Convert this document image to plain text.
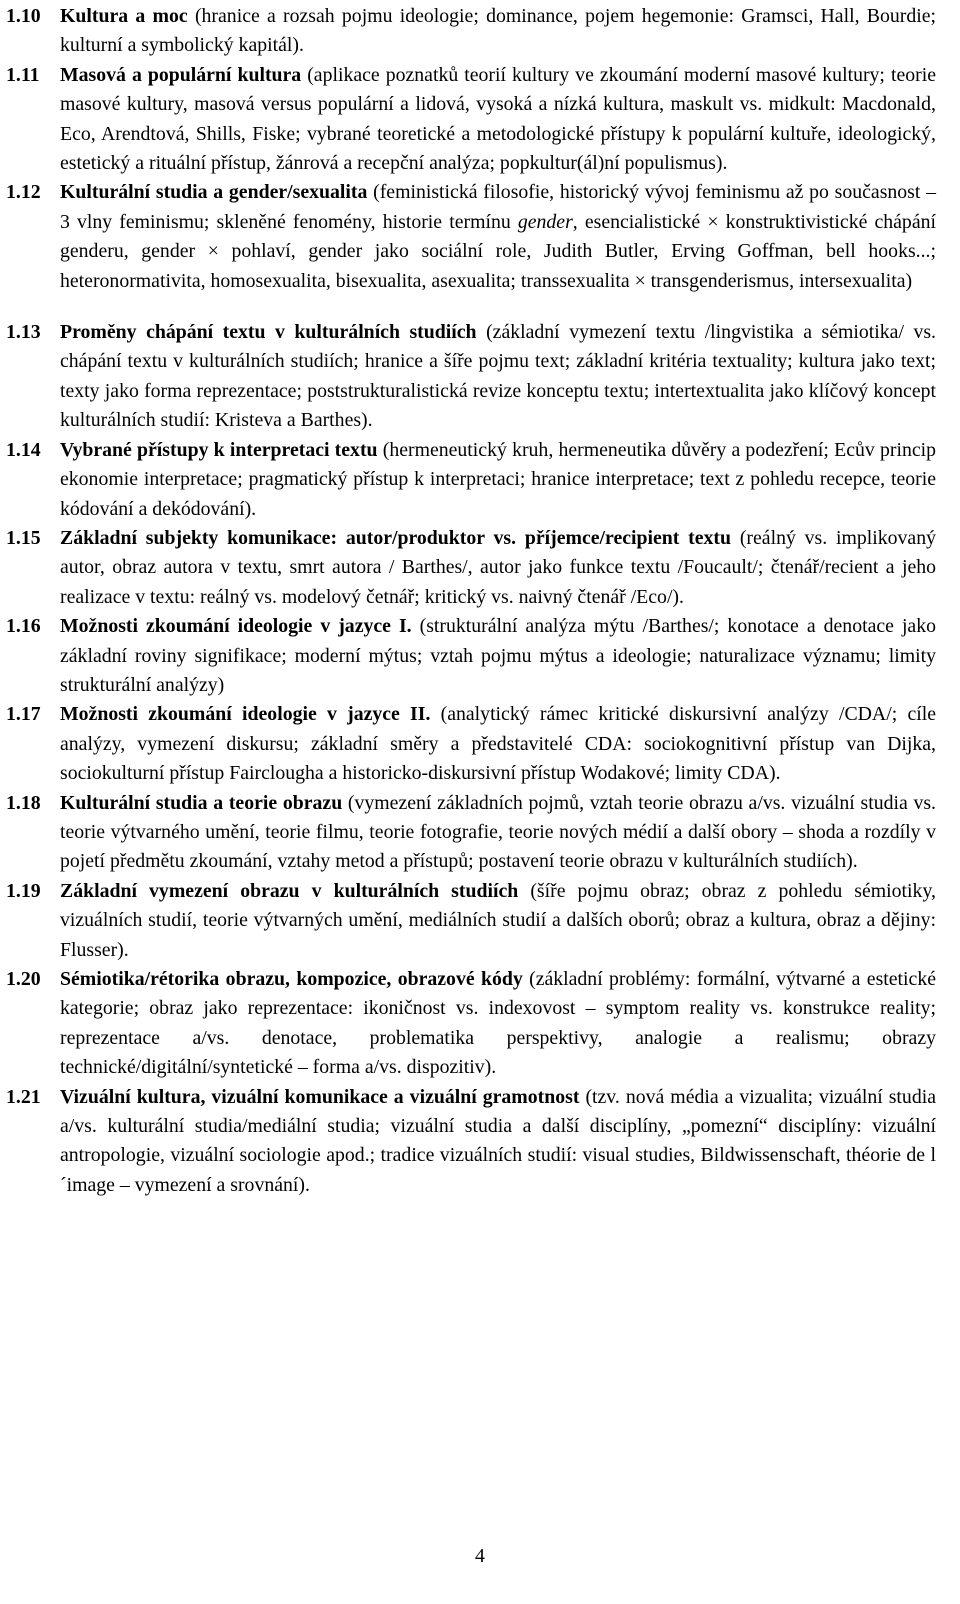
1.10 Kultura a moc (hranice a rozsah pojmu ideologie; dominance, pojem hegemonie: Gramsci, Hall, Bourdie; kulturní a symbolický kapitál).
1.11 Masová a populární kultura (aplikace poznatků teorií kultury ve zkoumání moderní masové kultury; teorie masové kultury, masová versus populární a lidová, vysoká a nízká kultura, maskult vs. midkult: Macdonald, Eco, Arendtová, Shills, Fiske; vybrané teoretické a metodologické přístupy k populární kultuře, ideologický, estetický a rituální přístup, žánrová a recepční analýza; popkultur(ál)ní populismus).
1.12 Kulturální studia a gender/sexualita (feministická filosofie, historický vývoj feminismu až po současnost – 3 vlny feminismu; skleněné fenomény, historie termínu gender, esencialistické × konstruktivistické chápání genderu, gender × pohlaví, gender jako sociální role, Judith Butler, Erving Goffman, bell hooks...; heteronormativita, homosexualita, bisexualita, asexualita; transsexualita × transgenderismus, intersexualita)
1.13 Proměny chápání textu v kulturálních studiích (základní vymezení textu /lingvistika a sémiotika/ vs. chápání textu v kulturálních studiích; hranice a šíře pojmu text; základní kritéria textuality; kultura jako text; texty jako forma reprezentace; poststrukturalistická revize konceptu textu; intertextualita jako klíčový koncept kulturálních studií: Kristeva a Barthes).
1.14 Vybrané přístupy k interpretaci textu (hermeneutický kruh, hermeneutika důvěry a podezření; Ecův princip ekonomie interpretace; pragmatický přístup k interpretaci; hranice interpretace; text z pohledu recepce, teorie kódování a dekódování).
1.15 Základní subjekty komunikace: autor/produktor vs. příjemce/recipient textu (reálný vs. implikovaný autor, obraz autora v textu, smrt autora / Barthes/, autor jako funkce textu /Foucault/; čtenář/recient a jeho realizace v textu: reálný vs. modelový četnář; kritický vs. naivný čtenář /Eco/).
1.16 Možnosti zkoumání ideologie v jazyce I. (strukturální analýza mýtu /Barthes/; konotace a denotace jako základní roviny signifikace; moderní mýtus; vztah pojmu mýtus a ideologie; naturalizace významu; limity strukturální analýzy)
1.17 Možnosti zkoumání ideologie v jazyce II. (analytický rámec kritické diskursivní analýzy /CDA/; cíle analýzy, vymezení diskursu; základní směry a představitelé CDA: sociokognitivní přístup van Dijka, sociokulturní přístup Fairclougha a historicko-diskursivní přístup Wodakové; limity CDA).
1.18 Kulturální studia a teorie obrazu (vymezení základních pojmů, vztah teorie obrazu a/vs. vizuální studia vs. teorie výtvarného umění, teorie filmu, teorie fotografie, teorie nových médií a další obory – shoda a rozdíly v pojetí předmětu zkoumání, vztahy metod a přístupů; postavení teorie obrazu v kulturálních studiích).
1.19 Základní vymezení obrazu v kulturálních studiích (šíře pojmu obraz; obraz z pohledu sémiotiky, vizuálních studií, teorie výtvarných umění, mediálních studií a dalších oborů; obraz a kultura, obraz a dějiny: Flusser).
1.20 Sémiotika/rétorika obrazu, kompozice, obrazové kódy (základní problémy: formální, výtvarné a estetické kategorie; obraz jako reprezentace: ikoničnost vs. indexovost – symptom reality vs. konstrukce reality; reprezentace a/vs. denotace, problematika perspektivy, analogie a realismu; obrazy technické/digitální/syntetické – forma a/vs. dispozitiv).
1.21 Vizuální kultura, vizuální komunikace a vizuální gramotnost (tzv. nová média a vizualita; vizuální studia a/vs. kulturální studia/mediální studia; vizuální studia a další disciplíny, „pomezní“ disciplíny: vizuální antropologie, vizuální sociologie apod.; tradice vizuálních studií: visual studies, Bildwissenschaft, théorie de l´image – vymezení a srovnání).
4
